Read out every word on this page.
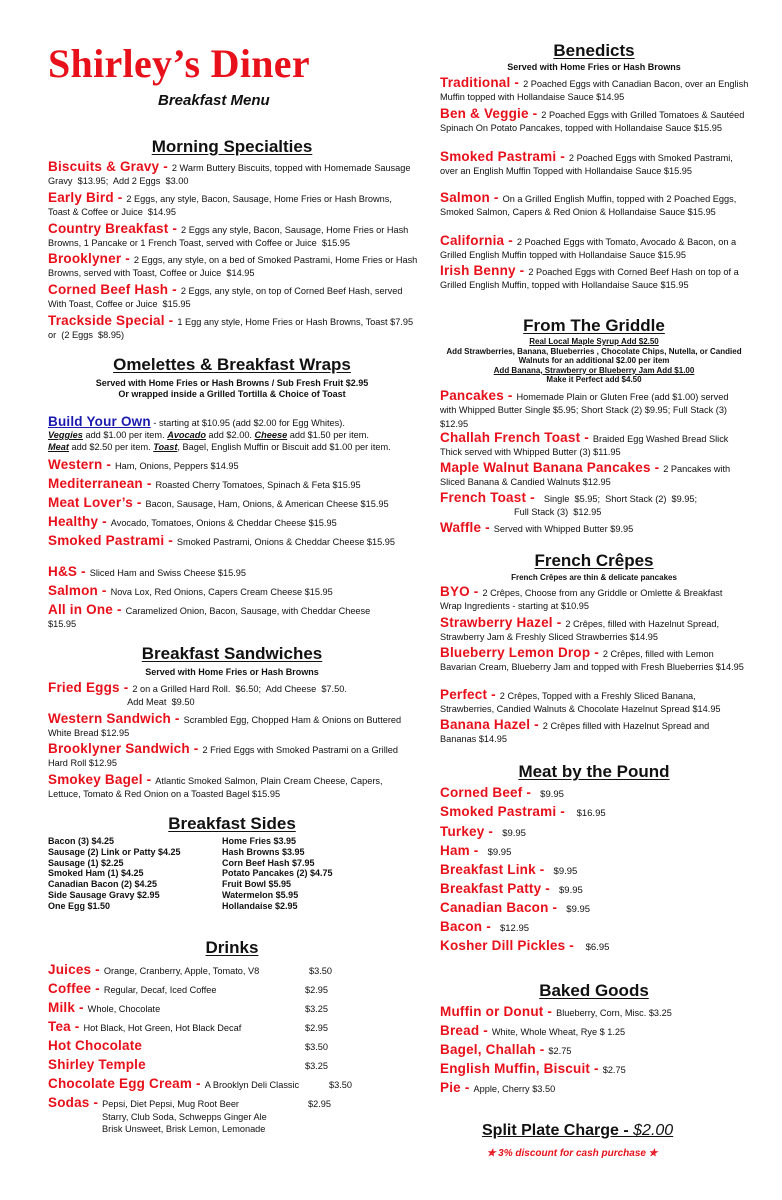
Shirley’s Diner
Breakfast Menu
Morning Specialties
Biscuits & Gravy - 2 Warm Buttery Biscuits, topped with Homemade Sausage Gravy  $13.95;  Add 2 Eggs  $3.00
Early Bird - 2 Eggs, any style, Bacon, Sausage, Home Fries or Hash Browns, Toast & Coffee or Juice  $14.95
Country Breakfast - 2 Eggs any style, Bacon, Sausage, Home Fries or Hash Browns, 1 Pancake or 1 French Toast, served with Coffee or Juice  $15.95
Brooklyner - 2 Eggs, any style, on a bed of Smoked Pastrami, Home Fries or Hash Browns, served with Toast, Coffee or Juice  $14.95
Corned Beef Hash - 2 Eggs, any style, on top of Corned Beef Hash, served With Toast, Coffee or Juice  $15.95
Trackside Special - 1 Egg any style, Home Fries or Hash Browns, Toast $7.95  or  (2 Eggs  $8.95)
Omelettes & Breakfast Wraps
Served with Home Fries or Hash Browns / Sub Fresh Fruit $2.95
Or wrapped inside a Grilled Tortilla & Choice of Toast
Build Your Own - starting at $10.95 (add $2.00 for Egg Whites).
Veggies add $1.00 per item. Avocado add $2.00. Cheese add $1.50 per item.
Meat add $2.50 per item. Toast, Bagel, English Muffin or Biscuit add $1.00 per item.
Western - Ham, Onions, Peppers $14.95
Mediterranean - Roasted Cherry Tomatoes, Spinach & Feta $15.95
Meat Lover’s - Bacon, Sausage, Ham, Onions, & American Cheese $15.95
Healthy - Avocado, Tomatoes, Onions & Cheddar Cheese $15.95
Smoked Pastrami - Smoked Pastrami, Onions & Cheddar Cheese $15.95
H&S - Sliced Ham and Swiss Cheese $15.95
Salmon - Nova Lox, Red Onions, Capers Cream Cheese $15.95
All in One - Caramelized Onion, Bacon, Sausage, with Cheddar Cheese $15.95
Breakfast Sandwiches
Served with Home Fries or Hash Browns
Fried Eggs - 2 on a Grilled Hard Roll.  $6.50;  Add Cheese  $7.50.
Add Meat  $9.50
Western Sandwich - Scrambled Egg, Chopped Ham & Onions on Buttered White Bread $12.95
Brooklyner Sandwich - 2 Fried Eggs with Smoked Pastrami on a Grilled Hard Roll $12.95
Smokey Bagel - Atlantic Smoked Salmon, Plain Cream Cheese, Capers, Lettuce, Tomato & Red Onion on a Toasted Bagel $15.95
Breakfast Sides
Bacon (3) $4.25
Sausage (2) Link or Patty $4.25
Sausage (1) $2.25
Smoked Ham (1) $4.25
Canadian Bacon (2) $4.25
Side Sausage Gravy $2.95
One Egg $1.50
Home Fries $3.95
Hash Browns $3.95
Corn Beef Hash $7.95
Potato Pancakes (2) $4.75
Fruit Bowl $5.95
Watermelon $5.95
Hollandaise $2.95
Drinks
Juices - Orange, Cranberry, Apple, Tomato, V8	$3.50
Coffee - Regular, Decaf, Iced Coffee	$2.95
Milk - Whole, Chocolate	$3.25
Tea - Hot Black, Hot Green, Hot Black Decaf	$2.95
Hot Chocolate	$3.50
Shirley Temple	$3.25
Chocolate Egg Cream - A Brooklyn Deli Classic	$3.50
Sodas - Pepsi, Diet Pepsi, Mug Root Beer	$2.95
Starry, Club Soda, Schwepps Ginger Ale
Brisk Unsweet, Brisk Lemon, Lemonade
Benedicts
Served with Home Fries or Hash Browns
Traditional - 2 Poached Eggs with Canadian Bacon, over an English Muffin topped with Hollandaise Sauce $14.95
Ben & Veggie - 2 Poached Eggs with Grilled Tomatoes & Sautéed Spinach On Potato Pancakes, topped with Hollandaise Sauce $15.95
Smoked Pastrami - 2 Poached Eggs with Smoked Pastrami, over an English Muffin Topped with Hollandaise Sauce $15.95
Salmon - On a Grilled English Muffin, topped with 2 Poached Eggs, Smoked Salmon, Capers & Red Onion & Hollandaise Sauce $15.95
California - 2 Poached Eggs with Tomato, Avocado & Bacon, on a Grilled English Muffin topped with Hollandaise Sauce $15.95
Irish Benny - 2 Poached Eggs with Corned Beef Hash on top of a Grilled English Muffin, topped with Hollandaise Sauce $15.95
From The Griddle
Real Local Maple Syrup Add $2.50
Add Strawberries, Banana, Blueberries , Chocolate Chips, Nutella, or Candied Walnuts for an additional $2.00 per item
Add Banana, Strawberry or Blueberry Jam Add $1.00
Make it Perfect add $4.50
Pancakes - Homemade Plain or Gluten Free (add $1.00) served with Whipped Butter Single $5.95; Short Stack (2) $9.95; Full Stack (3) $12.95
Challah French Toast - Braided Egg Washed Bread Slick Thick served with Whipped Butter (3) $11.95
Maple Walnut Banana Pancakes - 2 Pancakes with Sliced Banana & Candied Walnuts $12.95
French Toast -   Single  $5.95;  Short Stack (2)  $9.95;
Full Stack (3)  $12.95
Waffle - Served with Whipped Butter $9.95
French Crêpes
French Crêpes are thin & delicate pancakes
BYO - 2 Crêpes, Choose from any Griddle or Omlette & Breakfast Wrap Ingredients - starting at $10.95
Strawberry Hazel - 2 Crêpes, filled with Hazelnut Spread, Strawberry Jam & Freshly Sliced Strawberries $14.95
Blueberry Lemon Drop - 2 Crêpes, filled with Lemon Bavarian Cream, Blueberry Jam and topped with Fresh Blueberries $14.95
Perfect - 2 Crêpes, Topped with a Freshly Sliced Banana, Strawberries, Candied Walnuts & Chocolate Hazelnut Spread $14.95
Banana Hazel - 2 Crêpes filled with Hazelnut Spread and Bananas $14.95
Meat by the Pound
Corned Beef -   $9.95
Smoked Pastrami -    $16.95
Turkey -   $9.95
Ham -   $9.95
Breakfast Link -   $9.95
Breakfast Patty -   $9.95
Canadian Bacon -   $9.95
Bacon -   $12.95
Kosher Dill Pickles -    $6.95
Baked Goods
Muffin or Donut - Blueberry, Corn, Misc. $3.25
Bread - White, Whole Wheat, Rye $ 1.25
Bagel, Challah - $2.75
English Muffin, Biscuit - $2.75
Pie - Apple, Cherry $3.50
Split Plate Charge - $2.00
✯ 3% discount for cash purchase ✯
